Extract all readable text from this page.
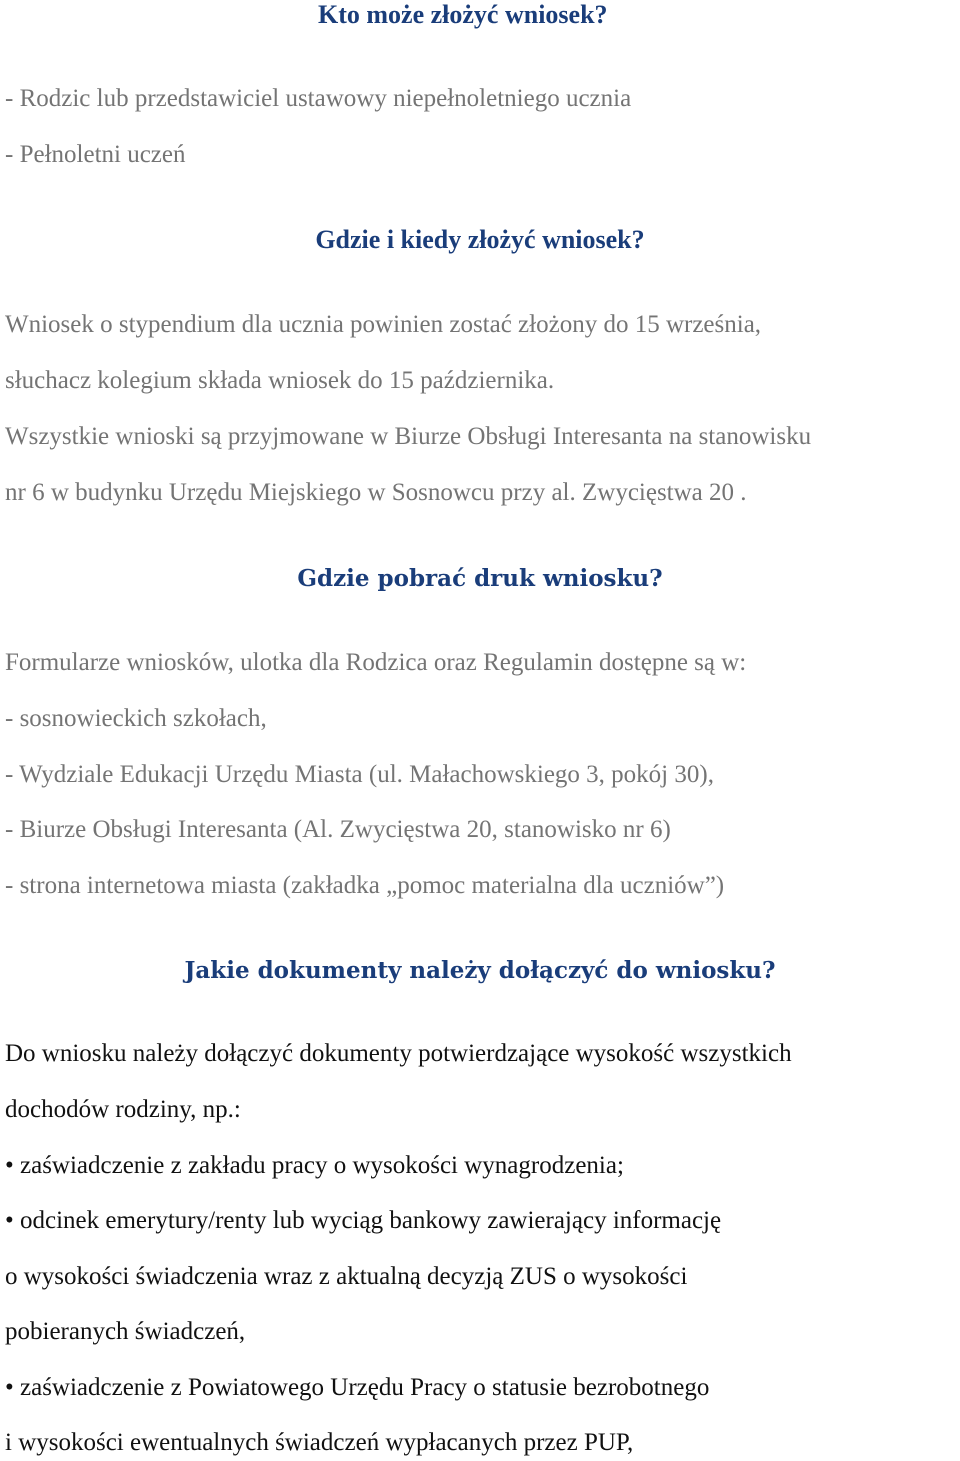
Kto może złożyć wniosek?
- Rodzic lub przedstawiciel ustawowy niepełnoletniego ucznia
- Pełnoletni uczeń
Gdzie i kiedy złożyć wniosek?
Wniosek o stypendium dla ucznia powinien zostać złożony do 15 września,
słuchacz kolegium składa wniosek do 15 października.
Wszystkie wnioski są przyjmowane w Biurze Obsługi Interesanta na stanowisku
nr 6 w budynku Urzędu Miejskiego w Sosnowcu przy al. Zwycięstwa 20 .
Gdzie pobrać druk wniosku?
Formularze wniosków, ulotka dla Rodzica oraz Regulamin dostępne są w:
- sosnowieckich szkołach,
- Wydziale Edukacji Urzędu Miasta (ul. Małachowskiego 3, pokój 30),
- Biurze Obsługi Interesanta (Al. Zwycięstwa 20, stanowisko nr 6)
- strona internetowa miasta (zakładka „pomoc materialna dla uczniów”)
Jakie dokumenty należy dołączyć do wniosku?
Do wniosku należy dołączyć dokumenty potwierdzające wysokość wszystkich
dochodów rodziny, np.:
• zaświadczenie z zakładu pracy o wysokości wynagrodzenia;
• odcinek emerytury/renty lub wyciąg bankowy zawierający informację
o wysokości świadczenia wraz z aktualną decyzją ZUS o wysokości
pobieranych świadczeń,
• zaświadczenie z Powiatowego Urzędu Pracy o statusie bezrobotnego
i wysokości ewentualnych świadczeń wypłacanych przez PUP,
